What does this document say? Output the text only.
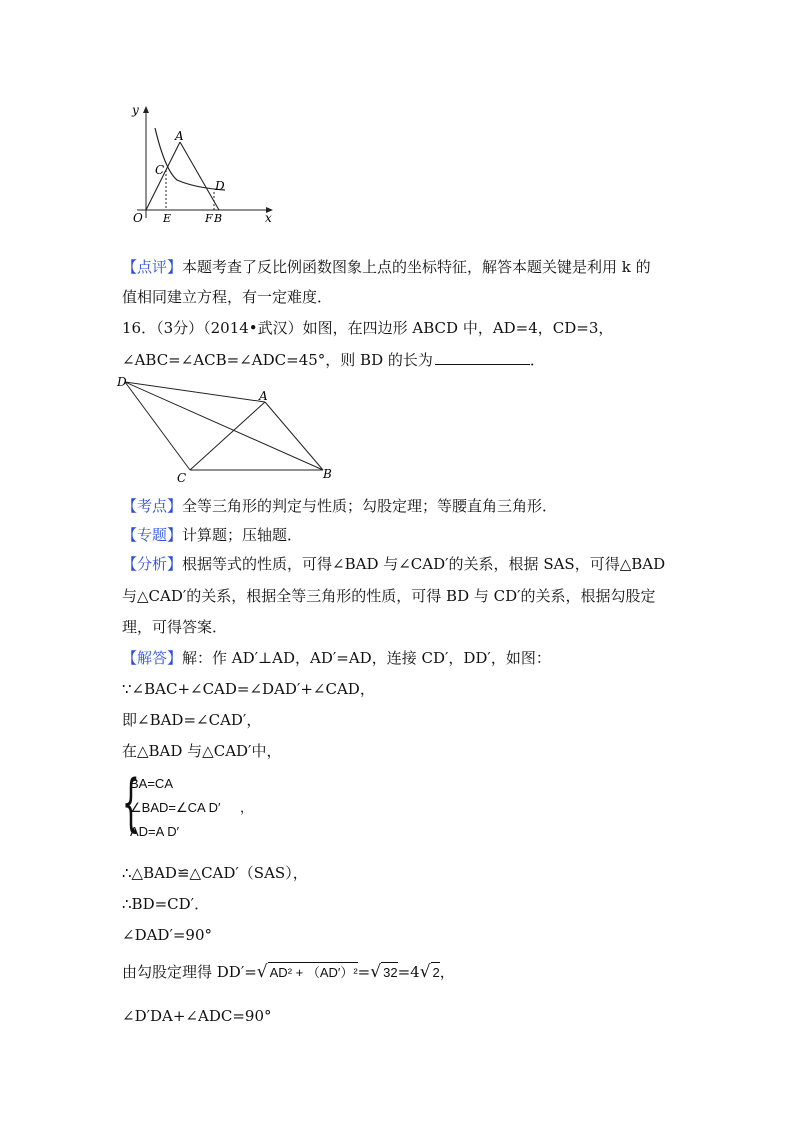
y
A
C
D
O E	F B	x
【点评】本题考查了反比例函数图象上点的坐标特征，解答本题关键是利用 k 的
值相同建立方程，有一定难度．
16．（3分）（2014•武汉）如图，在四边形 ABCD 中，AD=4，CD=3，
∠ABC=∠ACB=∠ADC=45°，则 BD 的长为	．
D
A
C	B
【考点】全等三角形的判定与性质；勾股定理；等腰直角三角形．
【专题】计算题；压轴题．
【分析】根据等式的性质，可得∠BAD 与∠CAD′的关系，根据 SAS，可得△BAD
与△CAD′的关系，根据全等三角形的性质，可得 BD 与 CD′的关系，根据勾股定
理，可得答案．
【解答】解：作 AD′⊥AD，AD′=AD，连接 CD′，DD′，如图：
∵∠BAC+∠CAD=∠DAD′+∠CAD，
即∠BAD=∠CAD′，
在△BAD 与△CAD′中，
{
BA=CA
∠BAD=∠CA D′
AD=A D′
，
∴△BAD≌△CAD′（SAS），
∴BD=CD′．
∠DAD′=90°
由勾股定理得 DD′=√ AD² + （AD′）²=√ 32=4√ 2，
∠D′DA+∠ADC=90°
